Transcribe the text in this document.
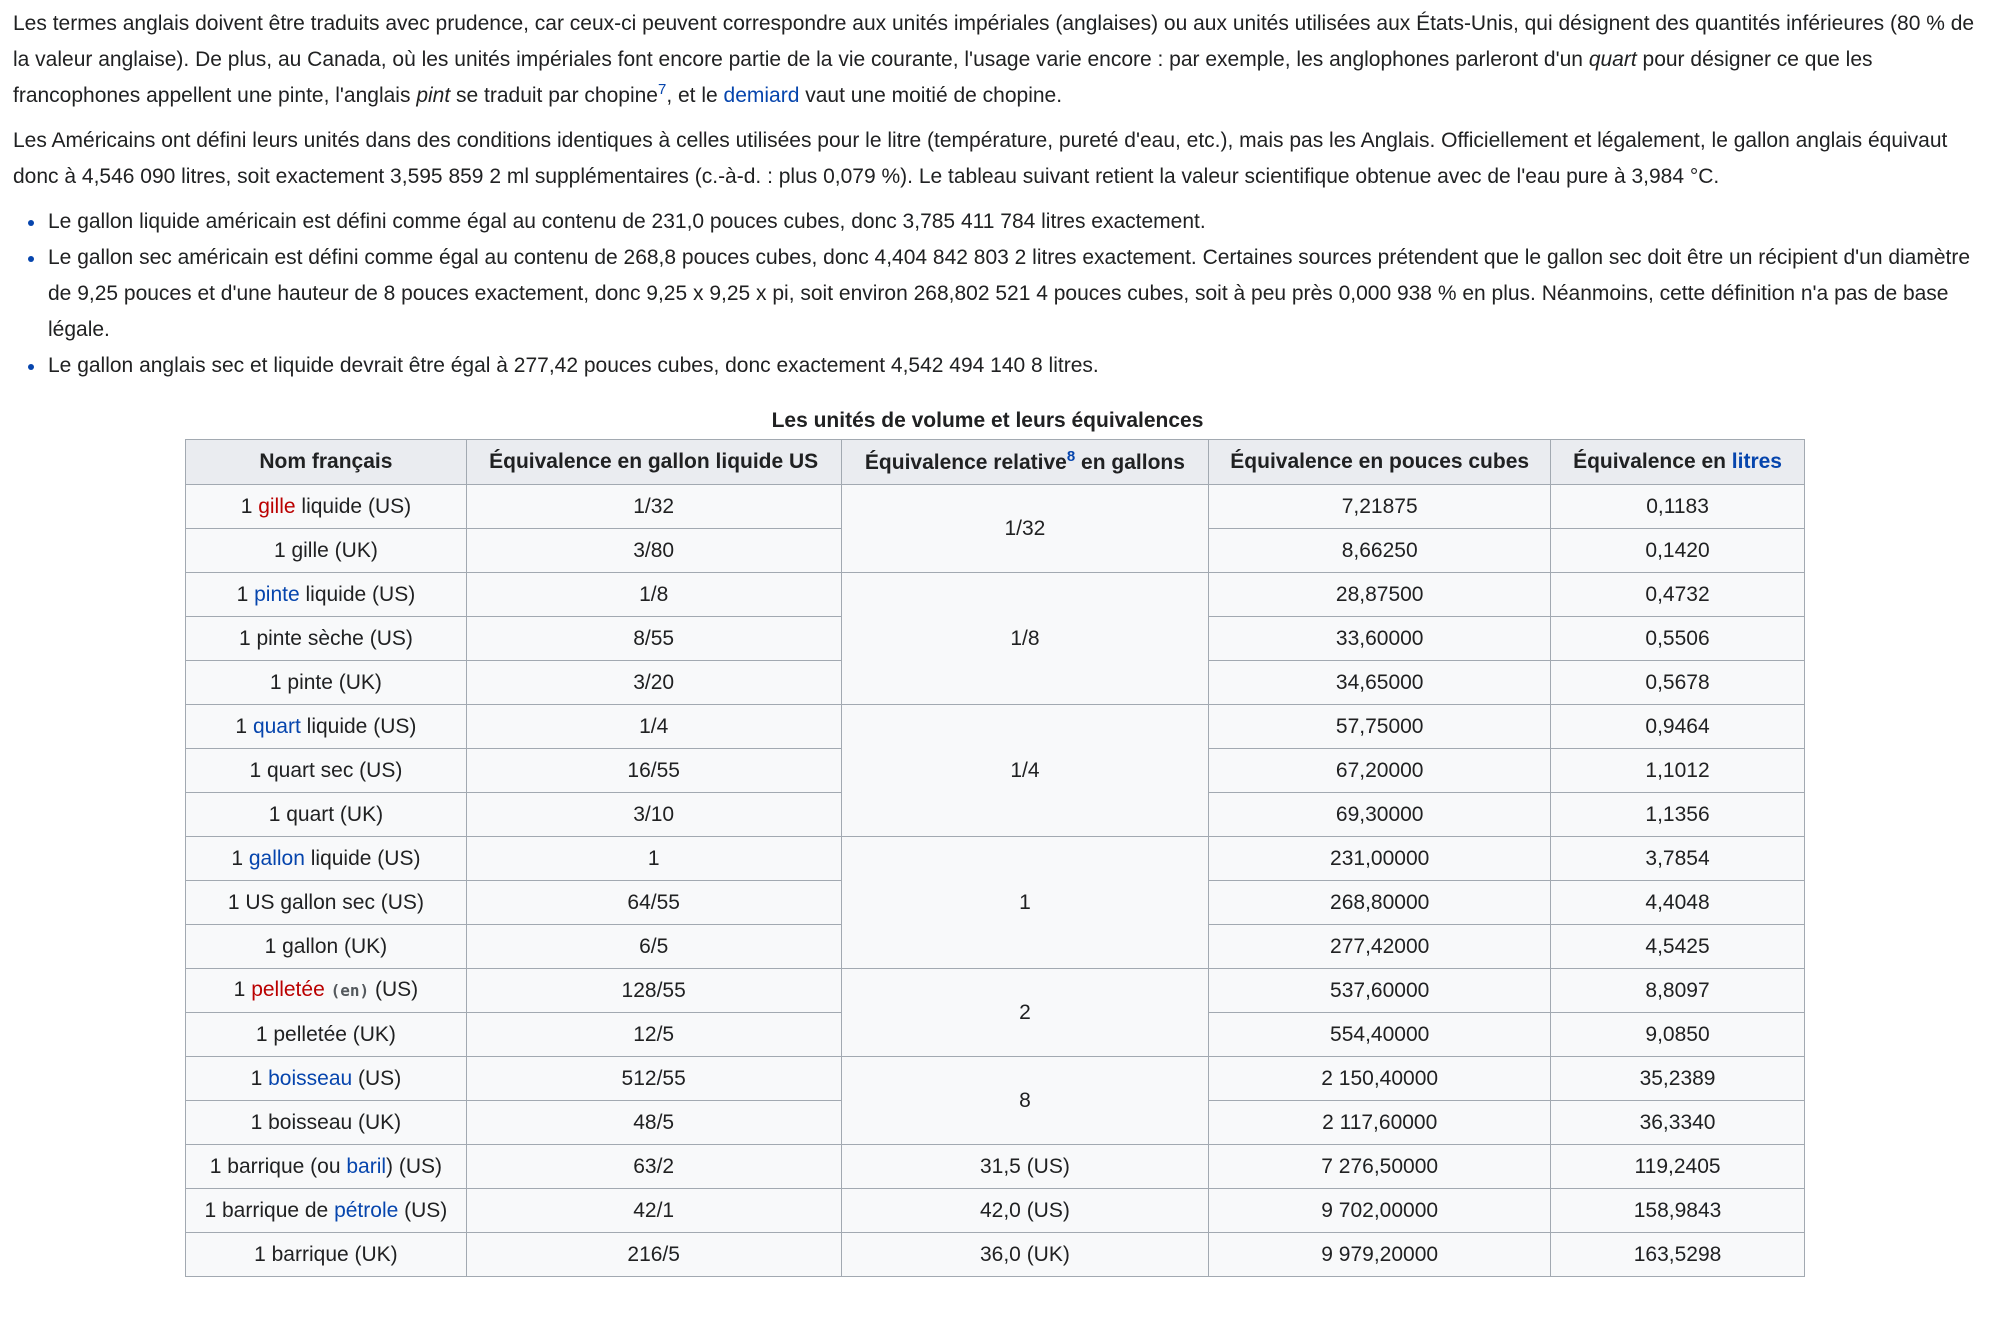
Les termes anglais doivent être traduits avec prudence, car ceux-ci peuvent correspondre aux unités impériales (anglaises) ou aux unités utilisées aux États-Unis, qui désignent des quantités inférieures (80 % de la valeur anglaise). De plus, au Canada, où les unités impériales font encore partie de la vie courante, l'usage varie encore : par exemple, les anglophones parleront d'un quart pour désigner ce que les francophones appellent une pinte, l'anglais pint se traduit par chopine$^7$, et le demiard vaut une moitié de chopine.

Les Américains ont défini leurs unités dans des conditions identiques à celles utilisées pour le litre (température, pureté d'eau, etc.), mais pas les Anglais. Officiellement et légalement, le gallon anglais équivaut donc à 4,546 090 litres, soit exactement 3,595 859 2 ml supplémentaires (c.-à-d. : plus 0,079 %). Le tableau suivant retient la valeur scientifique obtenue avec de l'eau pure à 3,984 °C.

Le gallon liquide américain est défini comme égal au contenu de 231,0 pouces cubes, donc 3,785 411 784 litres exactement.
Le gallon sec américain est défini comme égal au contenu de 268,8 pouces cubes, donc 4,404 842 803 2 litres exactement. Certaines sources prétendent que le gallon sec doit être un récipient d'un diamètre de 9,25 pouces et d'une hauteur de 8 pouces exactement, donc 9,25 x 9,25 x pi, soit environ 268,802 521 4 pouces cubes, soit à peu près 0,000 938 % en plus. Néanmoins, cette définition n'a pas de base légale.
Le gallon anglais sec et liquide devrait être égal à 277,42 pouces cubes, donc exactement 4,542 494 140 8 litres.
Les unités de volume et leurs équivalences
Nom français	Équivalence en gallon liquide US	Équivalence relative$^8$ en gallons	Équivalence en pouces cubes	Équivalence en litres
1 gille liquide (US)	1/32	1/32	7,21875	0,1183
1 gille (UK)	3/80		8,66250	0,1420
1 pinte liquide (US)	1/8	1/8	28,87500	0,4732
1 pinte sèche (US)	8/55		33,60000	0,5506
1 pinte (UK)	3/20		34,65000	0,5678
1 quart liquide (US)	1/4	1/4	57,75000	0,9464
1 quart sec (US)	16/55		67,20000	1,1012
1 quart (UK)	3/10		69,30000	1,1356
1 gallon liquide (US)	1	1	231,00000	3,7854
1 US gallon sec (US)	64/55		268,80000	4,4048
1 gallon (UK)	6/5		277,42000	4,5425
1 pelletée (en) (US)	128/55	2	537,60000	8,8097
1 pelletée (UK)	12/5		554,40000	9,0850
1 boisseau (US)	512/55	8	2 150,40000	35,2389
1 boisseau (UK)	48/5		2 117,60000	36,3340
1 barrique (ou baril) (US)	63/2	31,5 (US)	7 276,50000	119,2405
1 barrique de pétrole (US)	42/1	42,0 (US)	9 702,00000	158,9843
1 barrique (UK)	216/5	36,0 (UK)	9 979,20000	163,5298
